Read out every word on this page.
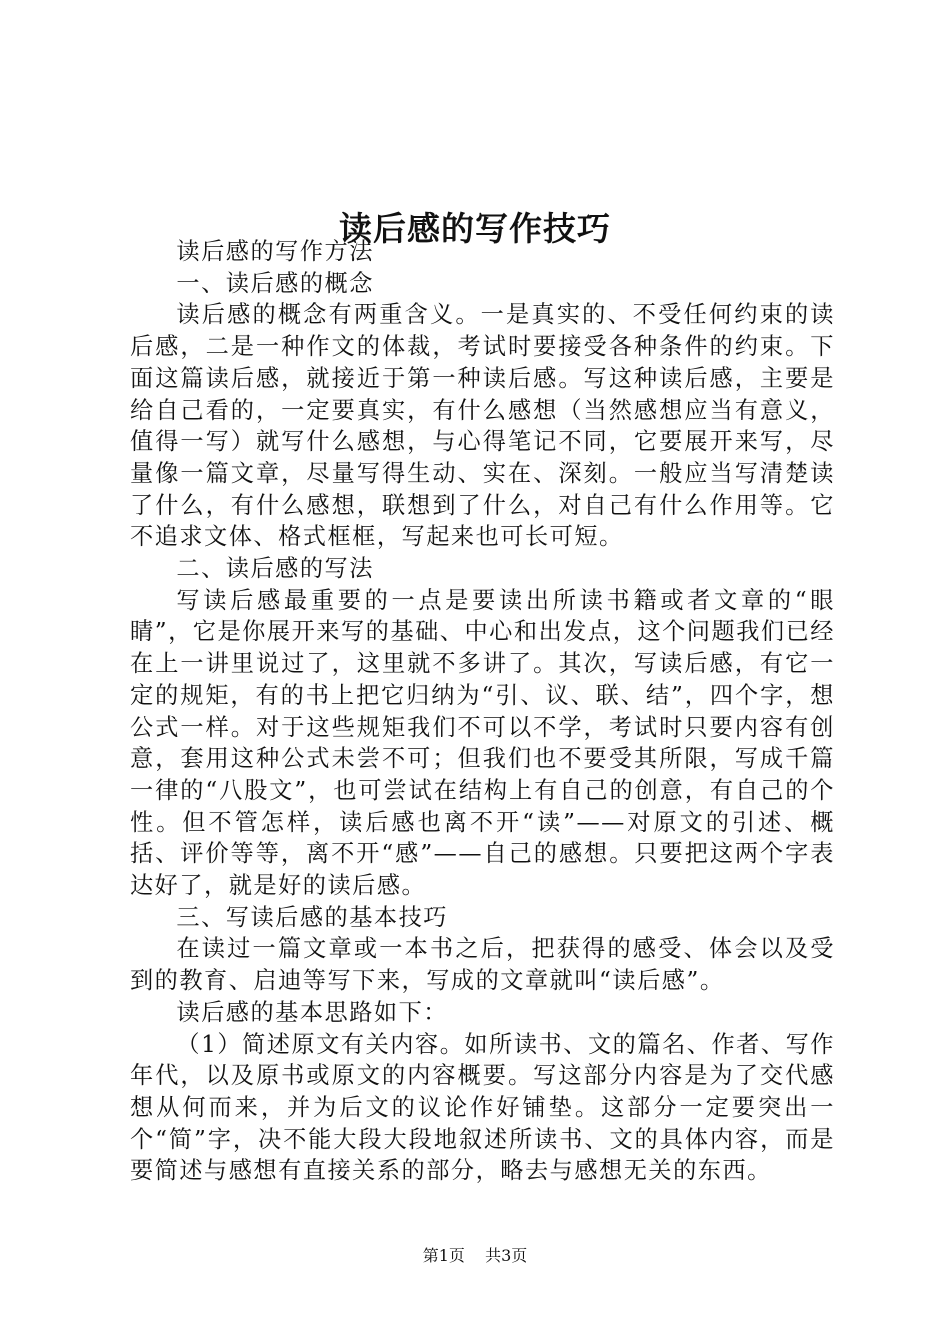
读后感的写作技巧

读后感的写作方法

一、读后感的概念

读后感的概念有两重含义。一是真实的、不受任何约束的读后感，二是一种作文的体裁，考试时要接受各种条件的约束。下面这篇读后感，就接近于第一种读后感。写这种读后感，主要是给自己看的，一定要真实，有什么感想（当然感想应当有意义，值得一写）就写什么感想，与心得笔记不同，它要展开来写，尽量像一篇文章，尽量写得生动、实在、深刻。一般应当写清楚读了什么，有什么感想，联想到了什么，对自己有什么作用等。它不追求文体、格式框框，写起来也可长可短。

二、读后感的写法

写读后感最重要的一点是要读出所读书籍或者文章的“眼睛”，它是你展开来写的基础、中心和出发点，这个问题我们已经在上一讲里说过了，这里就不多讲了。其次，写读后感，有它一定的规矩，有的书上把它归纳为“引、议、联、结”，四个字，想公式一样。对于这些规矩我们不可以不学，考试时只要内容有创意，套用这种公式未尝不可；但我们也不要受其所限，写成千篇一律的“八股文”，也可尝试在结构上有自己的创意，有自己的个性。但不管怎样，读后感也离不开“读”——对原文的引述、概括、评价等等，离不开“感”——自己的感想。只要把这两个字表达好了，就是好的读后感。

三、写读后感的基本技巧

在读过一篇文章或一本书之后，把获得的感受、体会以及受到的教育、启迪等写下来，写成的文章就叫“读后感”。

读后感的基本思路如下：

（1）简述原文有关内容。如所读书、文的篇名、作者、写作年代，以及原书或原文的内容概要。写这部分内容是为了交代感想从何而来，并为后文的议论作好铺垫。这部分一定要突出一个“简”字，决不能大段大段地叙述所读书、文的具体内容，而是要简述与感想有直接关系的部分，略去与感想无关的东西。

第1页 共3页
